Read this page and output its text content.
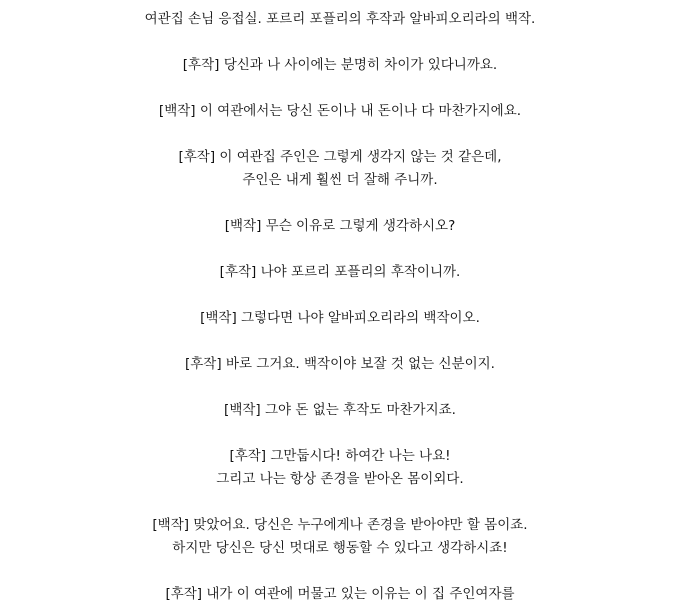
여관집 손님 응접실. 포르리 포플리의 후작과 알바피오리라의 백작.

[후작] 당신과 나 사이에는 분명히 차이가 있다니까요.

[백작] 이 여관에서는 당신 돈이나 내 돈이나 다 마찬가지에요.

[후작] 이 여관집 주인은 그렇게 생각지 않는 것 같은데,
주인은 내게 훨씬 더 잘해 주니까.

[백작] 무슨 이유로 그렇게 생각하시오?

[후작] 나야 포르리 포플리의 후작이니까.

[백작] 그렇다면 나야 알바피오리라의 백작이오.

[후작] 바로 그거요. 백작이야 보잘 것 없는 신분이지.

[백작] 그야 돈 없는 후작도 마찬가지죠.

[후작] 그만둡시다! 하여간 나는 나요!
그리고 나는 항상 존경을 받아온 몸이외다.

[백작] 맞았어요. 당신은 누구에게나 존경을 받아야만 할 몸이죠.
하지만 당신은 당신 멋대로 행동할 수 있다고 생각하시죠!

[후작] 내가 이 여관에 머물고 있는 이유는 이 집 주인여자를
